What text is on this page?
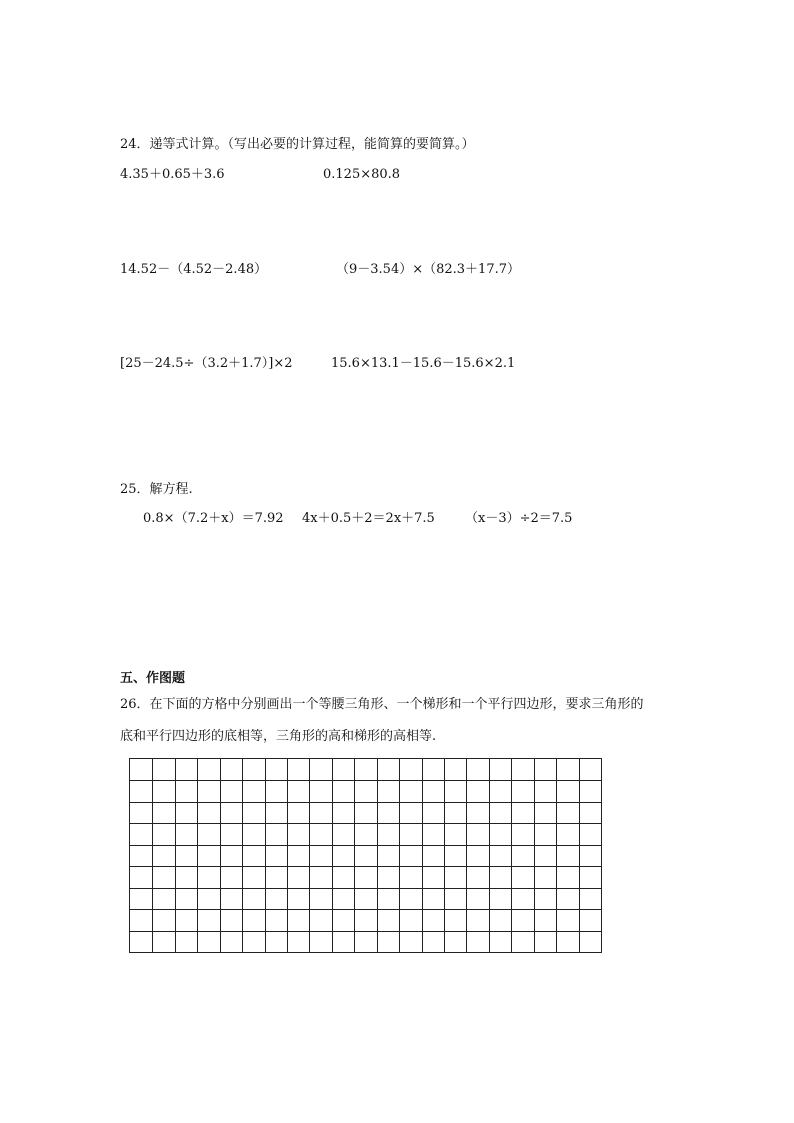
24．递等式计算。（写出必要的计算过程，能简算的要简算。）
4.35＋0.65＋3.6	0.125×80.8
14.52－（4.52－2.48）	（9－3.54）×（82.3＋17.7）
[25－24.5÷（3.2＋1.7）]×2	15.6×13.1－15.6－15.6×2.1
25．解方程.
0.8×（7.2＋x）＝7.92 4x＋0.5＋2＝2x＋7.5 （x－3）÷2＝7.5
五、作图题
26．在下面的方格中分别画出一个等腰三角形、一个梯形和一个平行四边形，要求三角形的
底和平行四边形的底相等，三角形的高和梯形的高相等.
